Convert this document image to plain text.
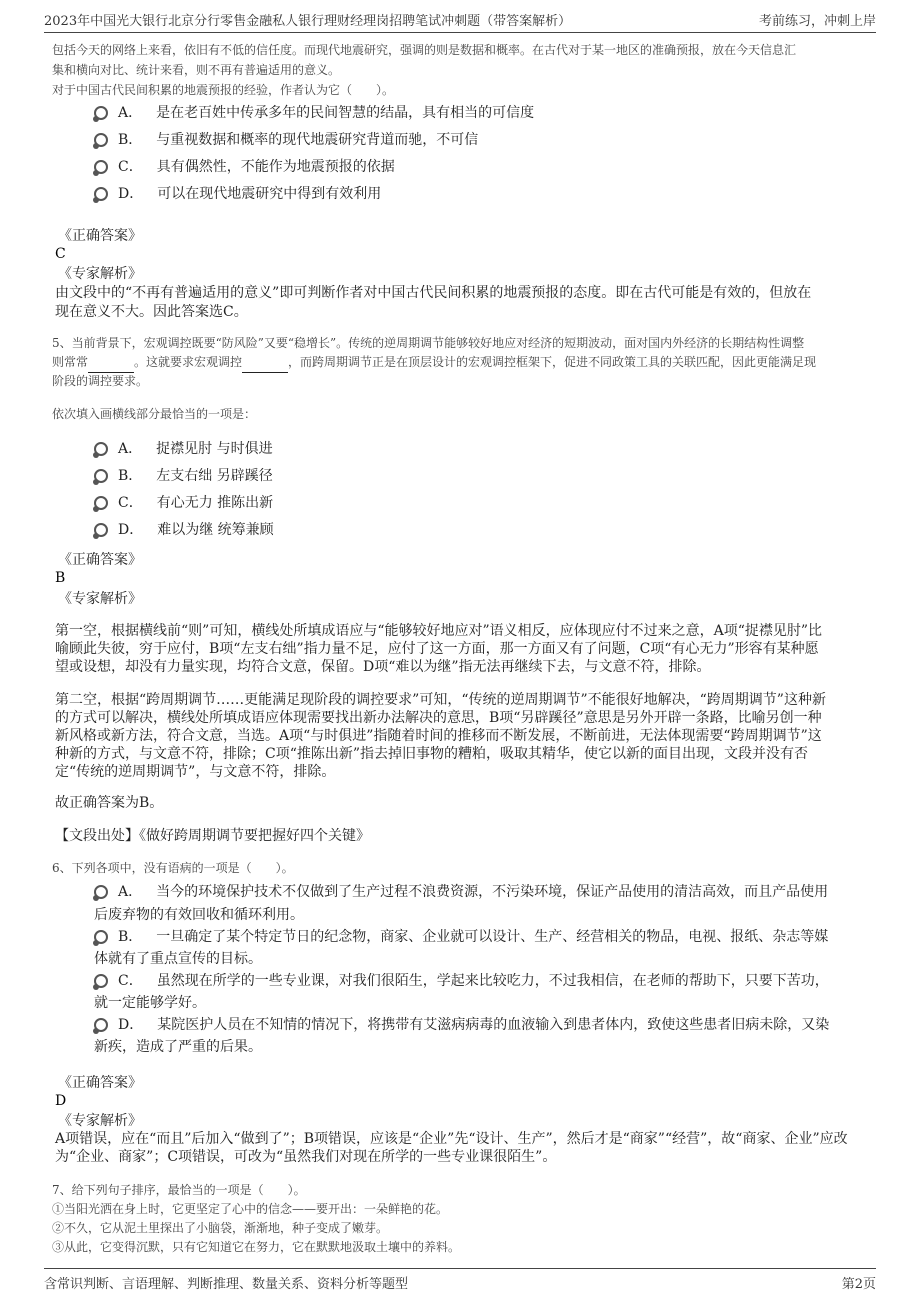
2023年中国光大银行北京分行零售金融私人银行理财经理岗招聘笔试冲刺题（带答案解析）	考前练习，冲刺上岸
包括今天的网络上来看，依旧有不低的信任度。而现代地震研究，强调的则是数据和概率。在古代对于某一地区的准确预报，放在今天信息汇
集和横向对比、统计来看，则不再有普遍适用的意义。
对于中国古代民间积累的地震预报的经验，作者认为它（　　）。
A． 是在老百姓中传承多年的民间智慧的结晶，具有相当的可信度
B． 与重视数据和概率的现代地震研究背道而驰，不可信
C． 具有偶然性，不能作为地震预报的依据
D． 可以在现代地震研究中得到有效利用
《正确答案》
C
《专家解析》
由文段中的“不再有普遍适用的意义”即可判断作者对中国古代民间积累的地震预报的态度。即在古代可能是有效的，但放在
现在意义不大。因此答案选C。
5、当前背景下，宏观调控既要“防风险”又要“稳增长”。传统的逆周期调节能够较好地应对经济的短期波动，面对国内外经济的长期结构性调整
则常常	。这就要求宏观调控	，而跨周期调节正是在顶层设计的宏观调控框架下，促进不同政策工具的关联匹配，因此更能满足现
阶段的调控要求。
依次填入画横线部分最恰当的一项是：
A． 捉襟见肘 与时俱进
B． 左支右绌 另辟蹊径
C． 有心无力 推陈出新
D． 难以为继 统筹兼顾
《正确答案》
B
《专家解析》
第一空，根据横线前“则”可知，横线处所填成语应与“能够较好地应对”语义相反，应体现应付不过来之意，A项“捉襟见肘”比
喻顾此失彼，穷于应付，B项“左支右绌”指力量不足，应付了这一方面，那一方面又有了问题，C项“有心无力”形容有某种愿
望或设想，却没有力量实现，均符合文意，保留。D项“难以为继”指无法再继续下去，与文意不符，排除。
第二空，根据“跨周期调节……更能满足现阶段的调控要求”可知，“传统的逆周期调节”不能很好地解决，“跨周期调节”这种新
的方式可以解决，横线处所填成语应体现需要找出新办法解决的意思，B项“另辟蹊径”意思是另外开辟一条路，比喻另创一种
新风格或新方法，符合文意，当选。A项“与时俱进”指随着时间的推移而不断发展，不断前进，无法体现需要“跨周期调节”这
种新的方式，与文意不符，排除；C项“推陈出新”指去掉旧事物的糟粕，吸取其精华，使它以新的面目出现，文段并没有否
定“传统的逆周期调节”，与文意不符，排除。
故正确答案为B。
【文段出处】《做好跨周期调节要把握好四个关键》
6、下列各项中，没有语病的一项是（　　）。
A． 当今的环境保护技术不仅做到了生产过程不浪费资源，不污染环境，保证产品使用的清洁高效，而且产品使用
后废弃物的有效回收和循环利用。
B． 一旦确定了某个特定节日的纪念物，商家、企业就可以设计、生产、经营相关的物品，电视、报纸、杂志等媒
体就有了重点宣传的目标。
C． 虽然现在所学的一些专业课，对我们很陌生，学起来比较吃力，不过我相信，在老师的帮助下，只要下苦功，
就一定能够学好。
D． 某院医护人员在不知情的情况下，将携带有艾滋病病毒的血液输入到患者体内，致使这些患者旧病未除，又染
新疾，造成了严重的后果。
《正确答案》
D
《专家解析》
A项错误，应在“而且”后加入“做到了”；B项错误，应该是“企业”先“设计、生产”，然后才是“商家”“经营”，故“商家、企业”应改
为“企业、商家”；C项错误，可改为“虽然我们对现在所学的一些专业课很陌生”。
7、给下列句子排序，最恰当的一项是（　　）。
①当阳光洒在身上时，它更坚定了心中的信念——要开出：一朵鲜艳的花。
②不久，它从泥土里探出了小脑袋，渐渐地，种子变成了嫩芽。
③从此，它变得沉默，只有它知道它在努力，它在默默地汲取土壤中的养料。
含常识判断、言语理解、判断推理、数量关系、资料分析等题型	第2页
